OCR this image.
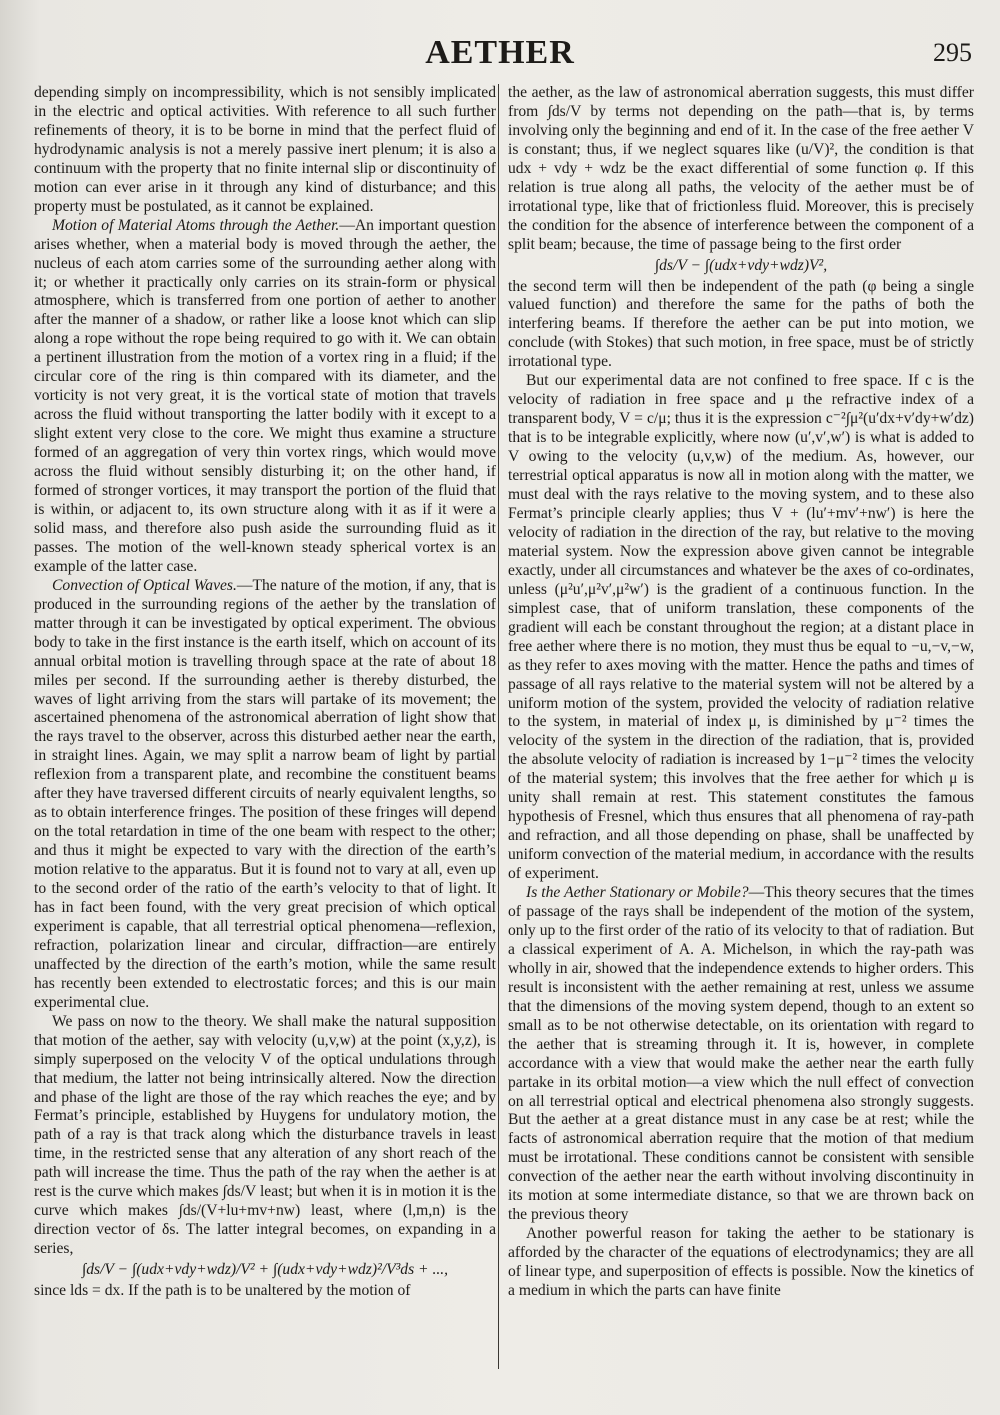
AETHER	295

depending simply on incompressibility, which is not sensibly implicated in the electric and optical activities. With reference to all such further refinements of theory, it is to be borne in mind that the perfect fluid of hydrodynamic analysis is not a merely passive inert plenum; it is also a continuum with the property that no finite internal slip or discontinuity of motion can ever arise in it through any kind of disturbance; and this property must be postulated, as it cannot be explained.

Motion of Material Atoms through the Aether.—An important question arises whether, when a material body is moved through the aether, the nucleus of each atom carries some of the surrounding aether along with it; or whether it practically only carries on its strain-form or physical atmosphere, which is transferred from one portion of aether to another after the manner of a shadow, or rather like a loose knot which can slip along a rope without the rope being required to go with it. We can obtain a pertinent illustration from the motion of a vortex ring in a fluid; if the circular core of the ring is thin compared with its diameter, and the vorticity is not very great, it is the vortical state of motion that travels across the fluid without transporting the latter bodily with it except to a slight extent very close to the core. We might thus examine a structure formed of an aggregation of very thin vortex rings, which would move across the fluid without sensibly disturbing it; on the other hand, if formed of stronger vortices, it may transport the portion of the fluid that is within, or adjacent to, its own structure along with it as if it were a solid mass, and therefore also push aside the surrounding fluid as it passes. The motion of the well-known steady spherical vortex is an example of the latter case.

Convection of Optical Waves.—The nature of the motion, if any, that is produced in the surrounding regions of the aether by the translation of matter through it can be investigated by optical experiment. The obvious body to take in the first instance is the earth itself, which on account of its annual orbital motion is travelling through space at the rate of about 18 miles per second. If the surrounding aether is thereby disturbed, the waves of light arriving from the stars will partake of its movement; the ascertained phenomena of the astronomical aberration of light show that the rays travel to the observer, across this disturbed aether near the earth, in straight lines. Again, we may split a narrow beam of light by partial reflexion from a transparent plate, and recombine the constituent beams after they have traversed different circuits of nearly equivalent lengths, so as to obtain interference fringes. The position of these fringes will depend on the total retardation in time of the one beam with respect to the other; and thus it might be expected to vary with the direction of the earth’s motion relative to the apparatus. But it is found not to vary at all, even up to the second order of the ratio of the earth’s velocity to that of light. It has in fact been found, with the very great precision of which optical experiment is capable, that all terrestrial optical phenomena—reflexion, refraction, polarization linear and circular, diffraction—are entirely unaffected by the direction of the earth’s motion, while the same result has recently been extended to electrostatic forces; and this is our main experimental clue.

We pass on now to the theory. We shall make the natural supposition that motion of the aether, say with velocity (u,v,w) at the point (x,y,z), is simply superposed on the velocity V of the optical undulations through that medium, the latter not being intrinsically altered. Now the direction and phase of the light are those of the ray which reaches the eye; and by Fermat’s principle, established by Huygens for undulatory motion, the path of a ray is that track along which the disturbance travels in least time, in the restricted sense that any alteration of any short reach of the path will increase the time. Thus the path of the ray when the aether is at rest is the curve which makes ∫ds/V least; but when it is in motion it is the curve which makes ∫ds/(V+lu+mv+nw) least, where (l,m,n) is the direction vector of δs. The latter integral becomes, on expanding in a series,

∫ds/V − ∫(udx+vdy+wdz)/V² + ∫(udx+vdy+wdz)²/V³ds + ...,

since lds = dx. If the path is to be unaltered by the motion of

the aether, as the law of astronomical aberration suggests, this must differ from ∫ds/V by terms not depending on the path—that is, by terms involving only the beginning and end of it. In the case of the free aether V is constant; thus, if we neglect squares like (u/V)², the condition is that udx + vdy + wdz be the exact differential of some function φ. If this relation is true along all paths, the velocity of the aether must be of irrotational type, like that of frictionless fluid. Moreover, this is precisely the condition for the absence of interference between the component of a split beam; because, the time of passage being to the first order

∫ds/V − ∫(udx+vdy+wdz)V²,

the second term will then be independent of the path (φ being a single valued function) and therefore the same for the paths of both the interfering beams. If therefore the aether can be put into motion, we conclude (with Stokes) that such motion, in free space, must be of strictly irrotational type.

But our experimental data are not confined to free space. If c is the velocity of radiation in free space and μ the refractive index of a transparent body, V = c/μ; thus it is the expression c⁻²∫μ²(u′dx+v′dy+w′dz) that is to be integrable explicitly, where now (u′,v′,w′) is what is added to V owing to the velocity (u,v,w) of the medium. As, however, our terrestrial optical apparatus is now all in motion along with the matter, we must deal with the rays relative to the moving system, and to these also Fermat’s principle clearly applies; thus V + (lu′+mv′+nw′) is here the velocity of radiation in the direction of the ray, but relative to the moving material system. Now the expression above given cannot be integrable exactly, under all circumstances and whatever be the axes of co-ordinates, unless (μ²u′,μ²v′,μ²w′) is the gradient of a continuous function. In the simplest case, that of uniform translation, these components of the gradient will each be constant throughout the region; at a distant place in free aether where there is no motion, they must thus be equal to −u,−v,−w, as they refer to axes moving with the matter. Hence the paths and times of passage of all rays relative to the material system will not be altered by a uniform motion of the system, provided the velocity of radiation relative to the system, in material of index μ, is diminished by μ⁻² times the velocity of the system in the direction of the radiation, that is, provided the absolute velocity of radiation is increased by 1−μ⁻² times the velocity of the material system; this involves that the free aether for which μ is unity shall remain at rest. This statement constitutes the famous hypothesis of Fresnel, which thus ensures that all phenomena of ray-path and refraction, and all those depending on phase, shall be unaffected by uniform convection of the material medium, in accordance with the results of experiment.

Is the Aether Stationary or Mobile?—This theory secures that the times of passage of the rays shall be independent of the motion of the system, only up to the first order of the ratio of its velocity to that of radiation. But a classical experiment of A. A. Michelson, in which the ray-path was wholly in air, showed that the independence extends to higher orders. This result is inconsistent with the aether remaining at rest, unless we assume that the dimensions of the moving system depend, though to an extent so small as to be not otherwise detectable, on its orientation with regard to the aether that is streaming through it. It is, however, in complete accordance with a view that would make the aether near the earth fully partake in its orbital motion—a view which the null effect of convection on all terrestrial optical and electrical phenomena also strongly suggests. But the aether at a great distance must in any case be at rest; while the facts of astronomical aberration require that the motion of that medium must be irrotational. These conditions cannot be consistent with sensible convection of the aether near the earth without involving discontinuity in its motion at some intermediate distance, so that we are thrown back on the previous theory

Another powerful reason for taking the aether to be stationary is afforded by the character of the equations of electrodynamics; they are all of linear type, and superposition of effects is possible. Now the kinetics of a medium in which the parts can have finite
